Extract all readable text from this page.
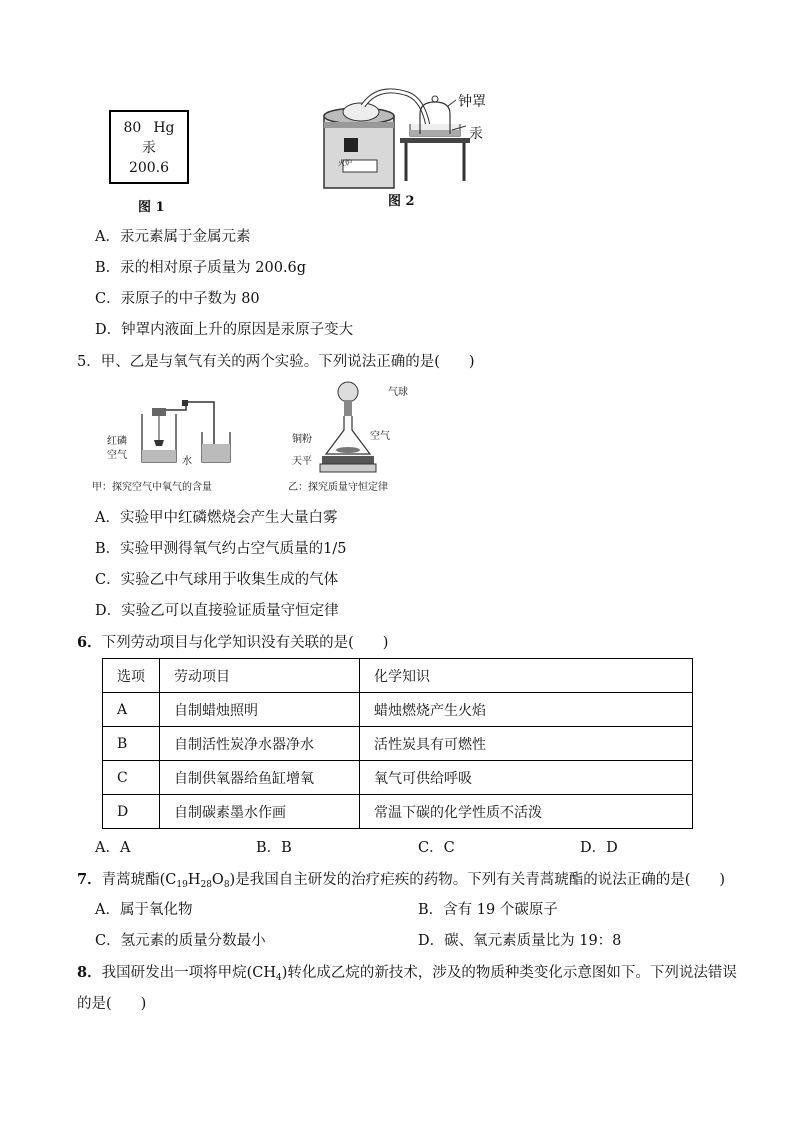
80 Hg
汞
200.6
图 1
火炉
钟罩
汞
图 2
A．汞元素属于金属元素
B．汞的相对原子质量为 200.6g
C．汞原子的中子数为 80
D．钟罩内液面上升的原因是汞原子变大
5．甲、乙是与氧气有关的两个实验。下列说法正确的是(　　)
红磷
空气
水
甲：探究空气中氧气的含量
气球
空气
铜粉
天平
乙：探究质量守恒定律
A．实验甲中红磷燃烧会产生大量白雾
B．实验甲测得氧气约占空气质量的1/5
C．实验乙中气球用于收集生成的气体
D．实验乙可以直接验证质量守恒定律
6．下列劳动项目与化学知识没有关联的是(　　)
选项	劳动项目	化学知识
A	自制蜡烛照明	蜡烛燃烧产生火焰
B	自制活性炭净水器净水	活性炭具有可燃性
C	自制供氧器给鱼缸增氧	氧气可供给呼吸
D	自制碳素墨水作画	常温下碳的化学性质不活泼
A．A	B．B	C．C	D．D
7．青蒿琥酯$(C_{19}H_{28}O_8)$是我国自主研发的治疗疟疾的药物。下列有关青蒿琥酯的说法正确的是(　　)
A．属于氧化物	B．含有 19 个碳原子
C．氢元素的质量分数最小	D．碳、氧元素质量比为 19：8
8．我国研发出一项将甲烷$(CH_4)$转化成乙烷的新技术，涉及的物质种类变化示意图如下。下列说法错误
的是(　　)
